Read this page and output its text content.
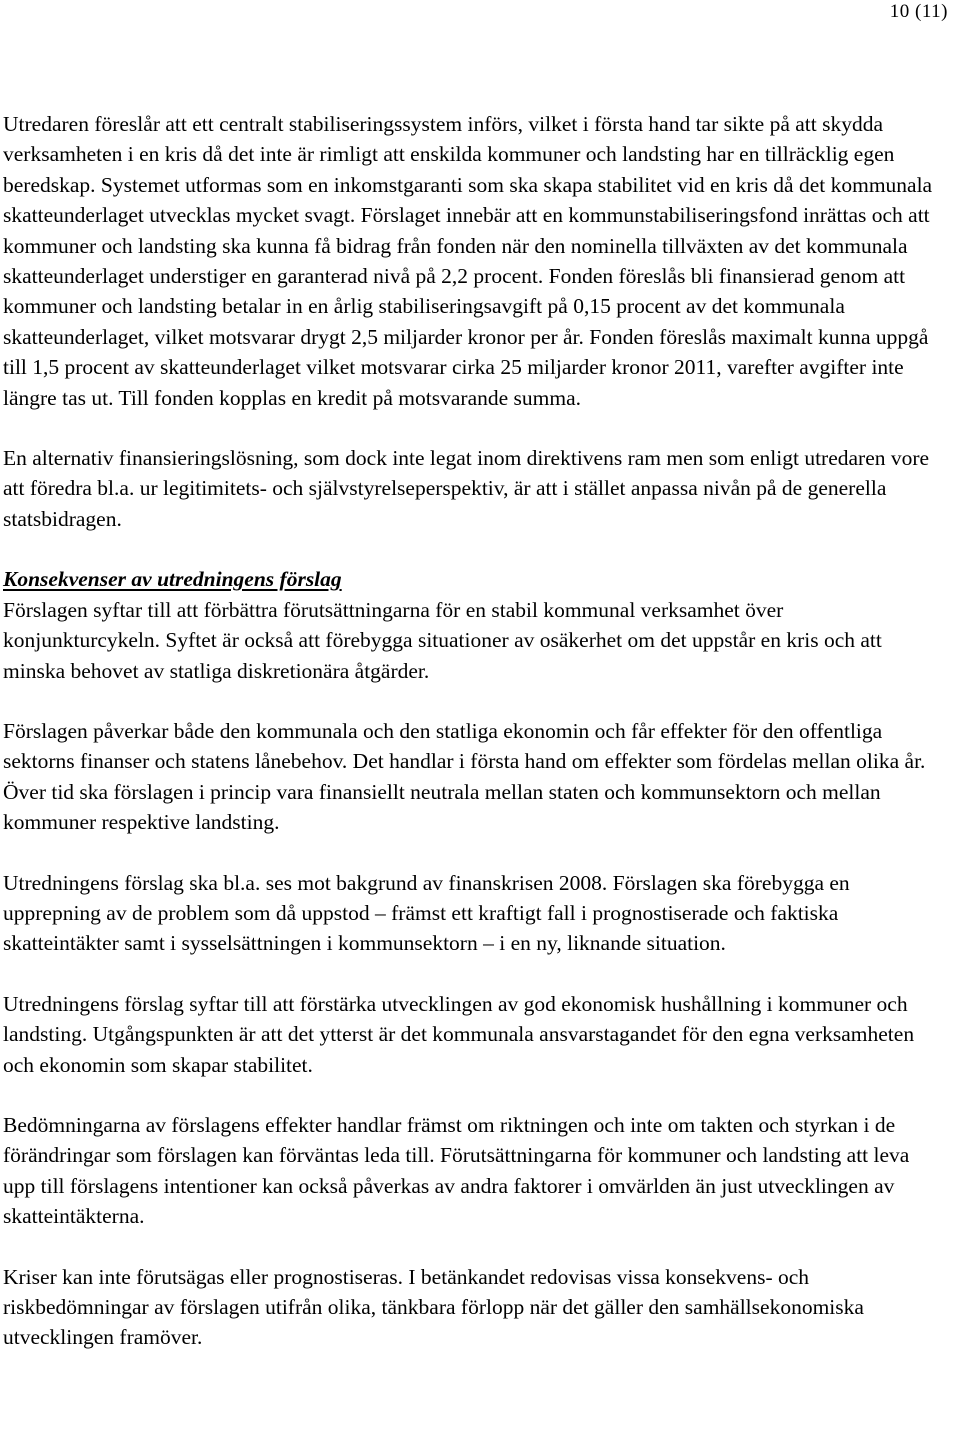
10 (11)

Utredaren föreslår att ett centralt stabiliseringssystem införs, vilket i första hand tar sikte på att skydda verksamheten i en kris då det inte är rimligt att enskilda kommuner och landsting har en tillräcklig egen beredskap. Systemet utformas som en inkomstgaranti som ska skapa stabilitet vid en kris då det kommunala skatteunderlaget utvecklas mycket svagt. Förslaget innebär att en kommunstabiliseringsfond inrättas och att kommuner och landsting ska kunna få bidrag från fonden när den nominella tillväxten av det kommunala skatteunderlaget understiger en garanterad nivå på 2,2 procent. Fonden föreslås bli finansierad genom att kommuner och landsting betalar in en årlig stabiliseringsavgift på 0,15 procent av det kommunala skatteunderlaget, vilket motsvarar drygt 2,5 miljarder kronor per år. Fonden föreslås maximalt kunna uppgå till 1,5 procent av skatteunderlaget vilket motsvarar cirka 25 miljarder kronor 2011, varefter avgifter inte längre tas ut. Till fonden kopplas en kredit på motsvarande summa.

En alternativ finansieringslösning, som dock inte legat inom direktivens ram men som enligt utredaren vore att föredra bl.a. ur legitimitets- och självstyrelseperspektiv, är att i stället anpassa nivån på de generella statsbidragen.

Konsekvenser av utredningens förslag

Förslagen syftar till att förbättra förutsättningarna för en stabil kommunal verksamhet över konjunkturcykeln. Syftet är också att förebygga situationer av osäkerhet om det uppstår en kris och att minska behovet av statliga diskretionära åtgärder.

Förslagen påverkar både den kommunala och den statliga ekonomin och får effekter för den offentliga sektorns finanser och statens lånebehov. Det handlar i första hand om effekter som fördelas mellan olika år. Över tid ska förslagen i princip vara finansiellt neutrala mellan staten och kommunsektorn och mellan kommuner respektive landsting.

Utredningens förslag ska bl.a. ses mot bakgrund av finanskrisen 2008. Förslagen ska förebygga en upprepning av de problem som då uppstod – främst ett kraftigt fall i prognostiserade och faktiska skatteintäkter samt i sysselsättningen i kommunsektorn – i en ny, liknande situation.

Utredningens förslag syftar till att förstärka utvecklingen av god ekonomisk hushållning i kommuner och landsting. Utgångspunkten är att det ytterst är det kommunala ansvarstagandet för den egna verksamheten och ekonomin som skapar stabilitet.

Bedömningarna av förslagens effekter handlar främst om riktningen och inte om takten och styrkan i de förändringar som förslagen kan förväntas leda till. Förutsättningarna för kommuner och landsting att leva upp till förslagens intentioner kan också påverkas av andra faktorer i omvärlden än just utvecklingen av skatteintäkterna.

Kriser kan inte förutsägas eller prognostiseras. I betänkandet redovisas vissa konsekvens- och riskbedömningar av förslagen utifrån olika, tänkbara förlopp när det gäller den samhällsekonomiska utvecklingen framöver.
